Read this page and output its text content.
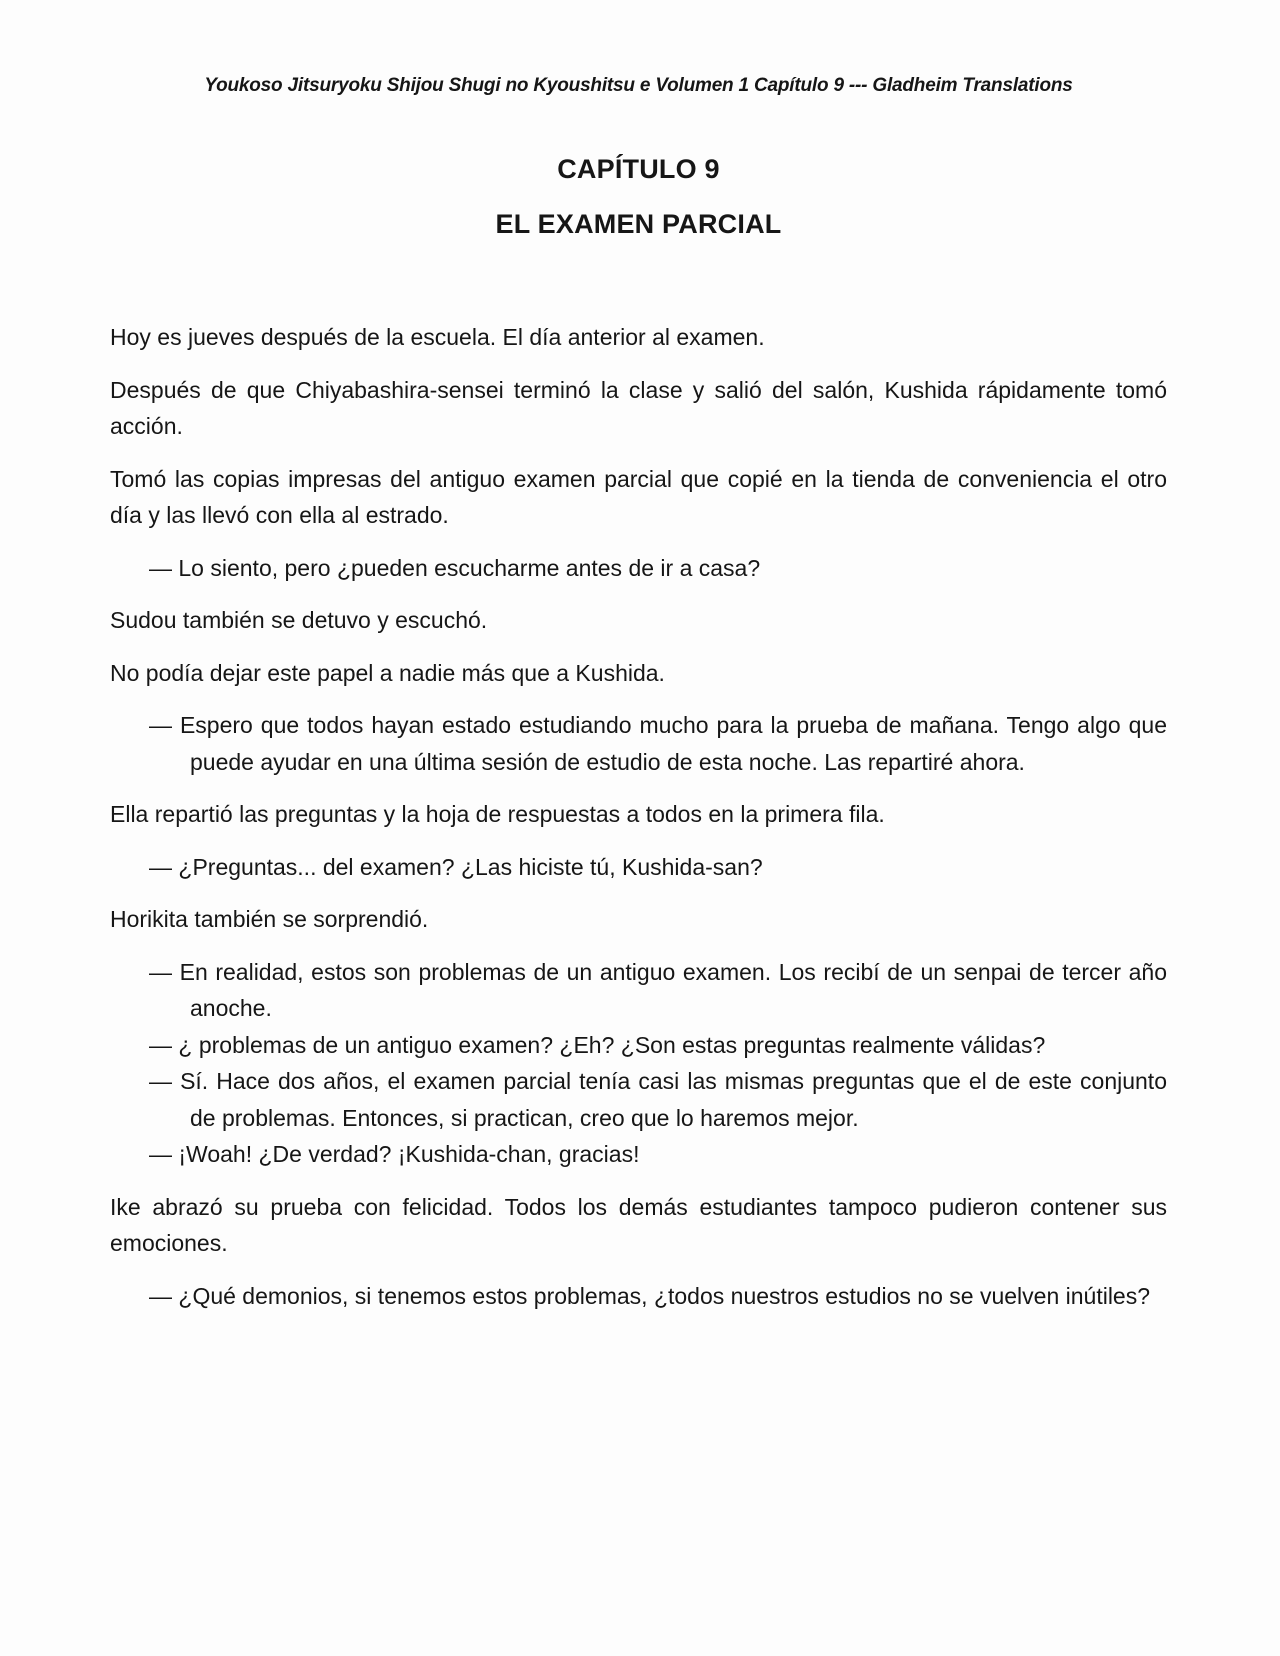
Youkoso Jitsuryoku Shijou Shugi no Kyoushitsu e Volumen 1 Capítulo 9 --- Gladheim Translations
CAPÍTULO 9
EL EXAMEN PARCIAL

Hoy es jueves después de la escuela. El día anterior al examen.

Después de que Chiyabashira-sensei terminó la clase y salió del salón, Kushida rápidamente tomó acción.

Tomó las copias impresas del antiguo examen parcial que copié en la tienda de conveniencia el otro día y las llevó con ella al estrado.

— Lo siento, pero ¿pueden escucharme antes de ir a casa?

Sudou también se detuvo y escuchó.

No podía dejar este papel a nadie más que a Kushida.

— Espero que todos hayan estado estudiando mucho para la prueba de mañana. Tengo algo que puede ayudar en una última sesión de estudio de esta noche. Las repartiré ahora.

Ella repartió las preguntas y la hoja de respuestas a todos en la primera fila.

— ¿Preguntas... del examen? ¿Las hiciste tú, Kushida-san?

Horikita también se sorprendió.

— En realidad, estos son problemas de un antiguo examen. Los recibí de un senpai de tercer año anoche.

— ¿ problemas de un antiguo examen? ¿Eh? ¿Son estas preguntas realmente válidas?

— Sí. Hace dos años, el examen parcial tenía casi las mismas preguntas que el de este conjunto de problemas. Entonces, si practican, creo que lo haremos mejor.

— ¡Woah! ¿De verdad? ¡Kushida-chan, gracias!

Ike abrazó su prueba con felicidad. Todos los demás estudiantes tampoco pudieron contener sus emociones.

— ¿Qué demonios, si tenemos estos problemas, ¿todos nuestros estudios no se vuelven inútiles?
